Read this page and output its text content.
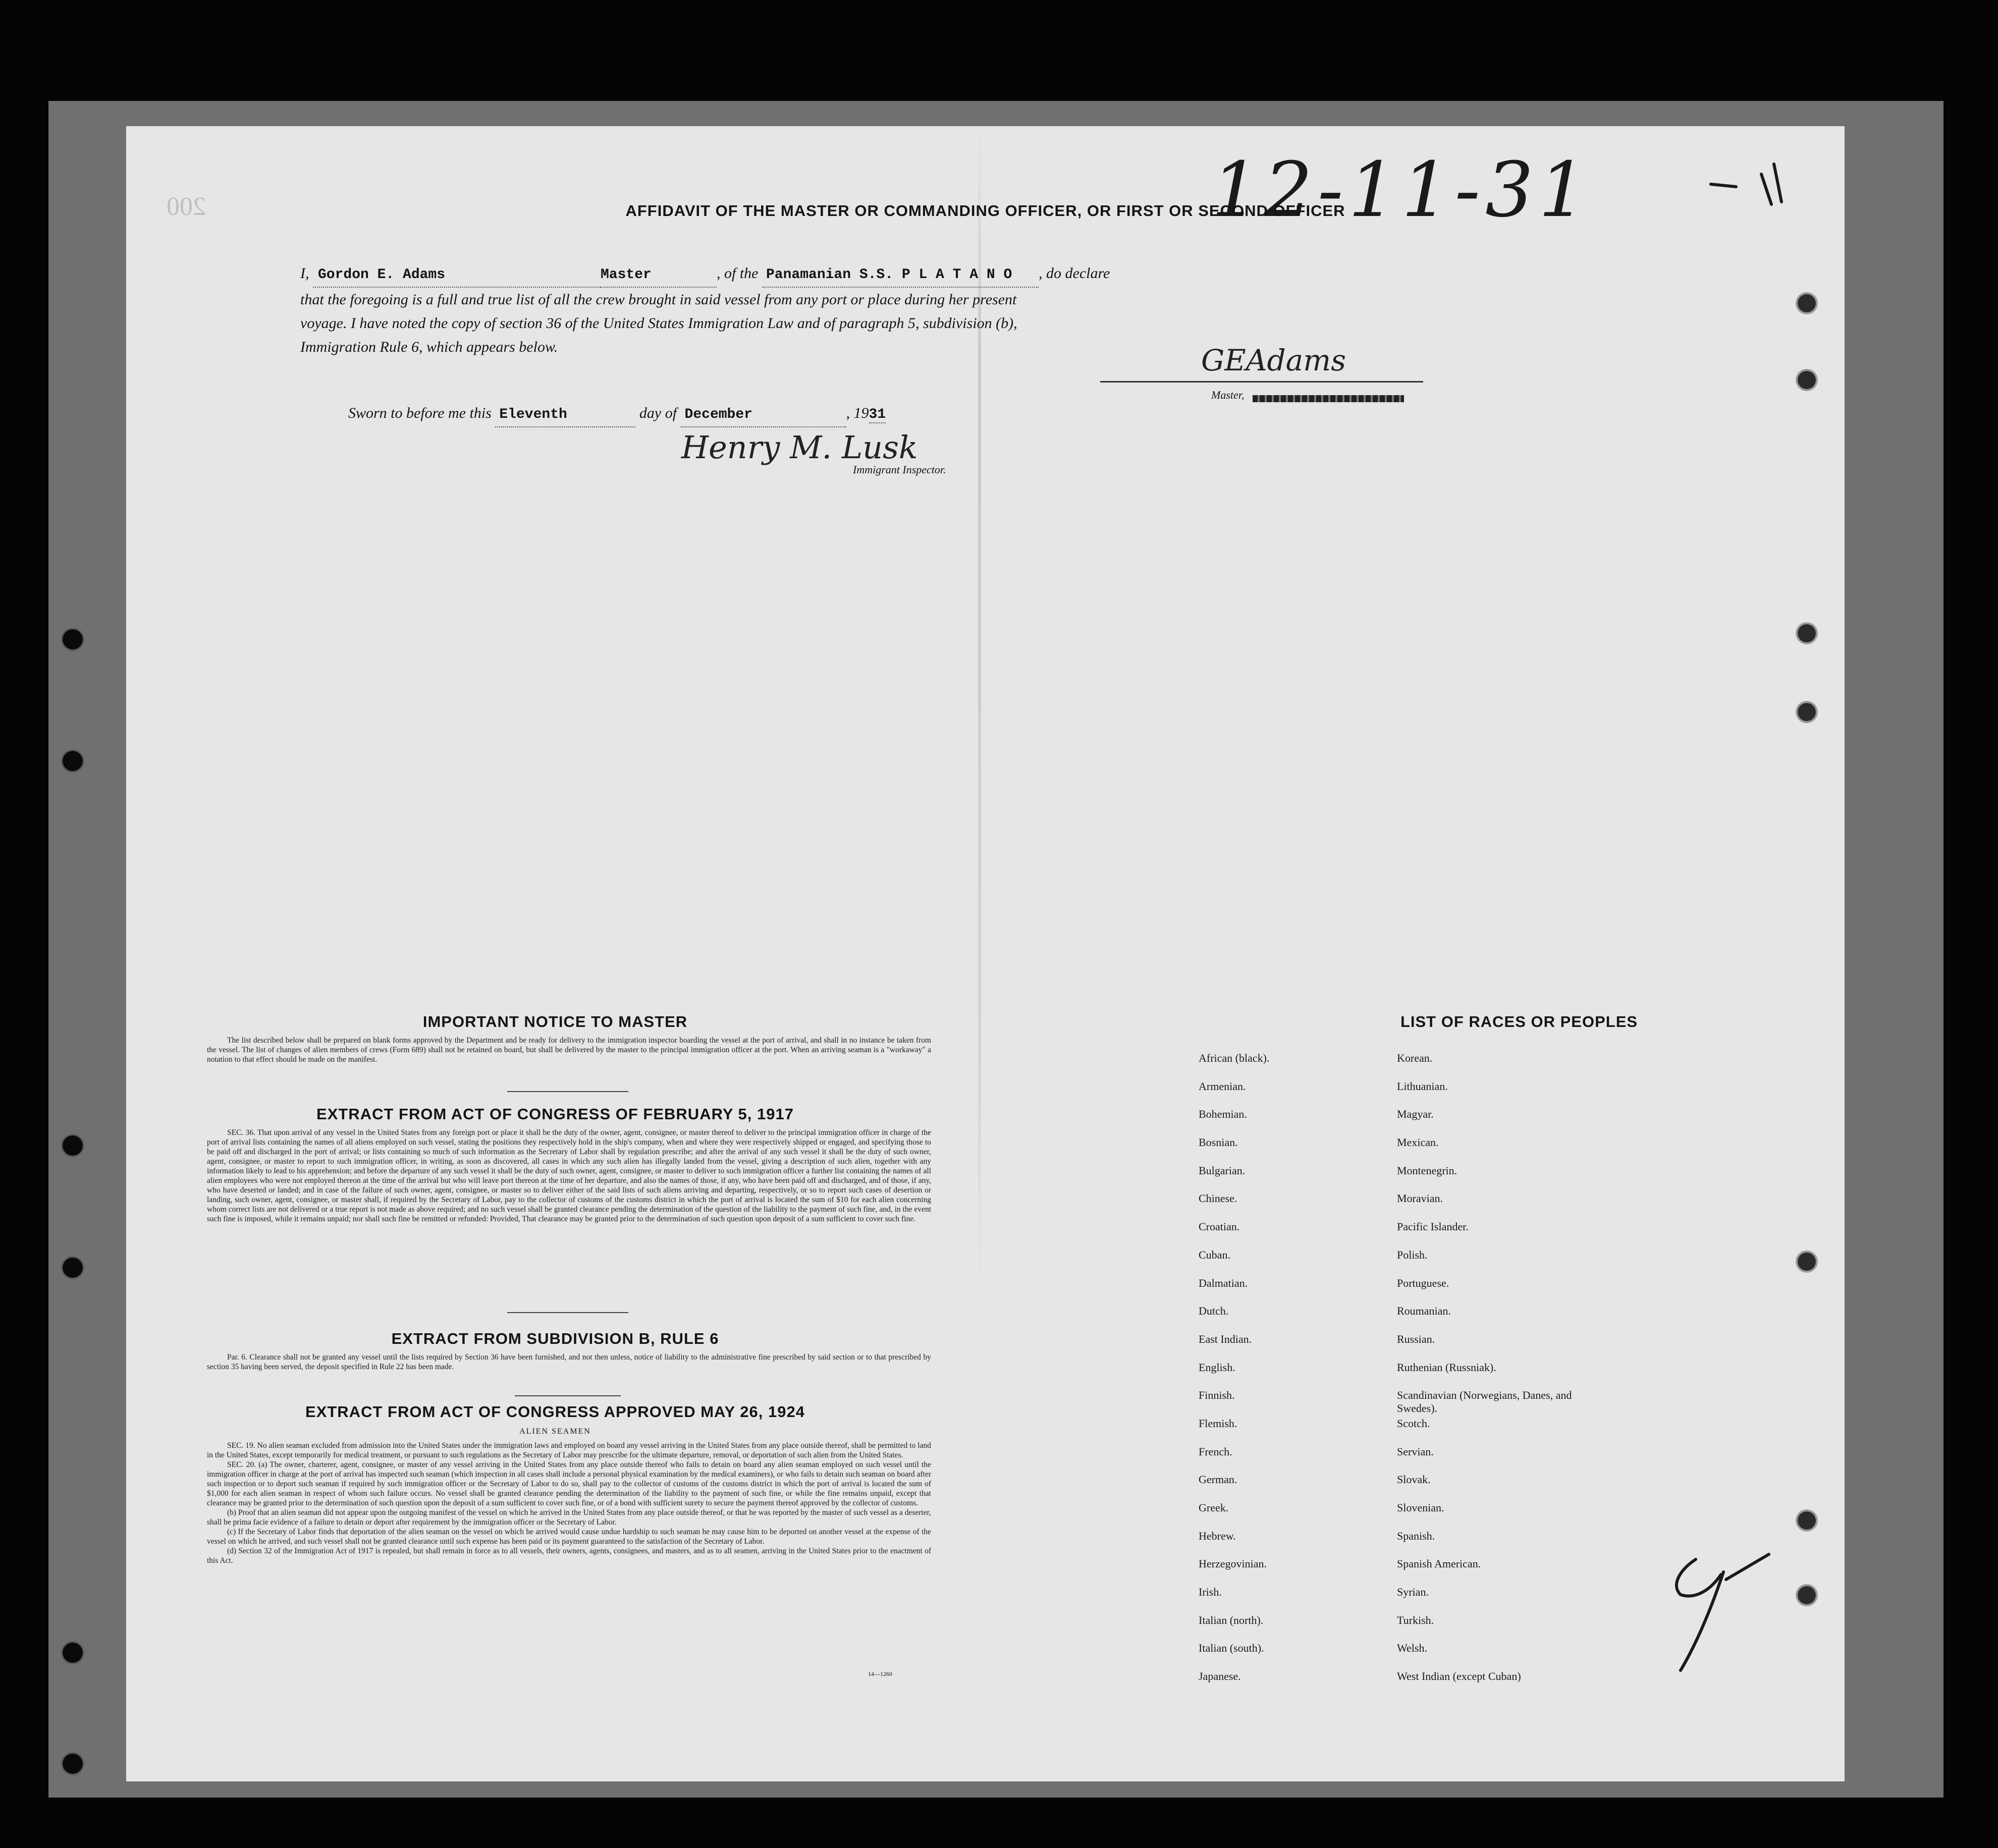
200	12-11-31
AFFIDAVIT OF THE MASTER OR COMMANDING OFFICER, OR FIRST OR SECOND OFFICER
I, Gordon E. Adams	Master	, of the Panamanian S.S. P L A T A N O , do declare
that the foregoing is a full and true list of all the crew brought in said vessel from any port or place during her present
voyage. I have noted the copy of section 36 of the United States Immigration Law and of paragraph 5, subdivision (b),
Immigration Rule 6, which appears below.	GEAdams
Master,
Sworn to before me this Eleventh	day of December	, 1931
Henry M. Lusk
Immigrant Inspector.
IMPORTANT NOTICE TO MASTER

The list described below shall be prepared on blank forms approved by the Department and be ready for delivery to the immigration inspector boarding the vessel at the port of arrival, and shall in no instance be taken from the vessel. The list of changes of alien members of crews (Form 689) shall not be retained on board, but shall be delivered by the master to the principal immigration officer at the port. When an arriving seaman is a "workaway" a notation to that effect should be made on the manifest.

EXTRACT FROM ACT OF CONGRESS OF FEBRUARY 5, 1917

SEC. 36. That upon arrival of any vessel in the United States from any foreign port or place it shall be the duty of the owner, agent, consignee, or master thereof to deliver to the principal immigration officer in charge of the port of arrival lists containing the names of all aliens employed on such vessel, stating the positions they respectively hold in the ship's company, when and where they were respectively shipped or engaged, and specifying those to be paid off and discharged in the port of arrival; or lists containing so much of such information as the Secretary of Labor shall by regulation prescribe; and after the arrival of any such vessel it shall be the duty of such owner, agent, consignee, or master to report to such immigration officer, in writing, as soon as discovered, all cases in which any such alien has illegally landed from the vessel, giving a description of such alien, together with any information likely to lead to his apprehension; and before the departure of any such vessel it shall be the duty of such owner, agent, consignee, or master to deliver to such immigration officer a further list containing the names of all alien employees who were not employed thereon at the time of the arrival but who will leave port thereon at the time of her departure, and also the names of those, if any, who have been paid off and discharged, and of those, if any, who have deserted or landed; and in case of the failure of such owner, agent, consignee, or master so to deliver either of the said lists of such aliens arriving and departing, respectively, or so to report such cases of desertion or landing, such owner, agent, consignee, or master shall, if required by the Secretary of Labor, pay to the collector of customs of the customs district in which the port of arrival is located the sum of $10 for each alien concerning whom correct lists are not delivered or a true report is not made as above required; and no such vessel shall be granted clearance pending the determination of the question of the liability to the payment of such fine, and, in the event such fine is imposed, while it remains unpaid; nor shall such fine be remitted or refunded: Provided, That clearance may be granted prior to the determination of such question upon deposit of a sum sufficient to cover such fine.

EXTRACT FROM SUBDIVISION B, RULE 6

Par. 6. Clearance shall not be granted any vessel until the lists required by Section 36 have been furnished, and not then unless, notice of liability to the administrative fine prescribed by said section or to that prescribed by section 35 having been served, the deposit specified in Rule 22 has been made.

EXTRACT FROM ACT OF CONGRESS APPROVED MAY 26, 1924
ALIEN SEAMEN

SEC. 19. No alien seaman excluded from admission into the United States under the immigration laws and employed on board any vessel arriving in the United States from any place outside thereof, shall be permitted to land in the United States, except temporarily for medical treatment, or pursuant to such regulations as the Secretary of Labor may prescribe for the ultimate departure, removal, or deportation of such alien from the United States.

SEC. 20. (a) The owner, charterer, agent, consignee, or master of any vessel arriving in the United States from any place outside thereof who fails to detain on board any alien seaman employed on such vessel until the immigration officer in charge at the port of arrival has inspected such seaman (which inspection in all cases shall include a personal physical examination by the medical examiners), or who fails to detain such seaman on board after such inspection or to deport such seaman if required by such immigration officer or the Secretary of Labor to do so, shall pay to the collector of customs of the customs district in which the port of arrival is located the sum of $1,000 for each alien seaman in respect of whom such failure occurs. No vessel shall be granted clearance pending the determination of the liability to the payment of such fine, or while the fine remains unpaid, except that clearance may be granted prior to the determination of such question upon the deposit of a sum sufficient to cover such fine, or of a bond with sufficient surety to secure the payment thereof approved by the collector of customs.

(b) Proof that an alien seaman did not appear upon the outgoing manifest of the vessel on which he arrived in the United States from any place outside thereof, or that he was reported by the master of such vessel as a deserter, shall be prima facie evidence of a failure to detain or deport after requirement by the immigration officer or the Secretary of Labor.

(c) If the Secretary of Labor finds that deportation of the alien seaman on the vessel on which he arrived would cause undue hardship to such seaman he may cause him to be deported on another vessel at the expense of the vessel on which he arrived, and such vessel shall not be granted clearance until such expense has been paid or its payment guaranteed to the satisfaction of the Secretary of Labor.

(d) Section 32 of the Immigration Act of 1917 is repealed, but shall remain in force as to all vessels, their owners, agents, consignees, and masters, and as to all seamen, arriving in the United States prior to the enactment of this Act.

14—1260
LIST OF RACES OR PEOPLES
African (black).
Armenian.
Bohemian.
Bosnian.
Bulgarian.
Chinese.
Croatian.
Cuban.
Dalmatian.
Dutch.
East Indian.
English.
Finnish.
Flemish.
French.
German.
Greek.
Hebrew.
Herzegovinian.
Irish.
Italian (north).
Italian (south).
Japanese.
Korean.
Lithuanian.
Magyar.
Mexican.
Montenegrin.
Moravian.
Pacific Islander.
Polish.
Portuguese.
Roumanian.
Russian.
Ruthenian (Russniak).
Scandinavian (Norwegians, Danes, and Swedes).
Scotch.
Servian.
Slovak.
Slovenian.
Spanish.
Spanish American.
Syrian.
Turkish.
Welsh.
West Indian (except Cuban)
